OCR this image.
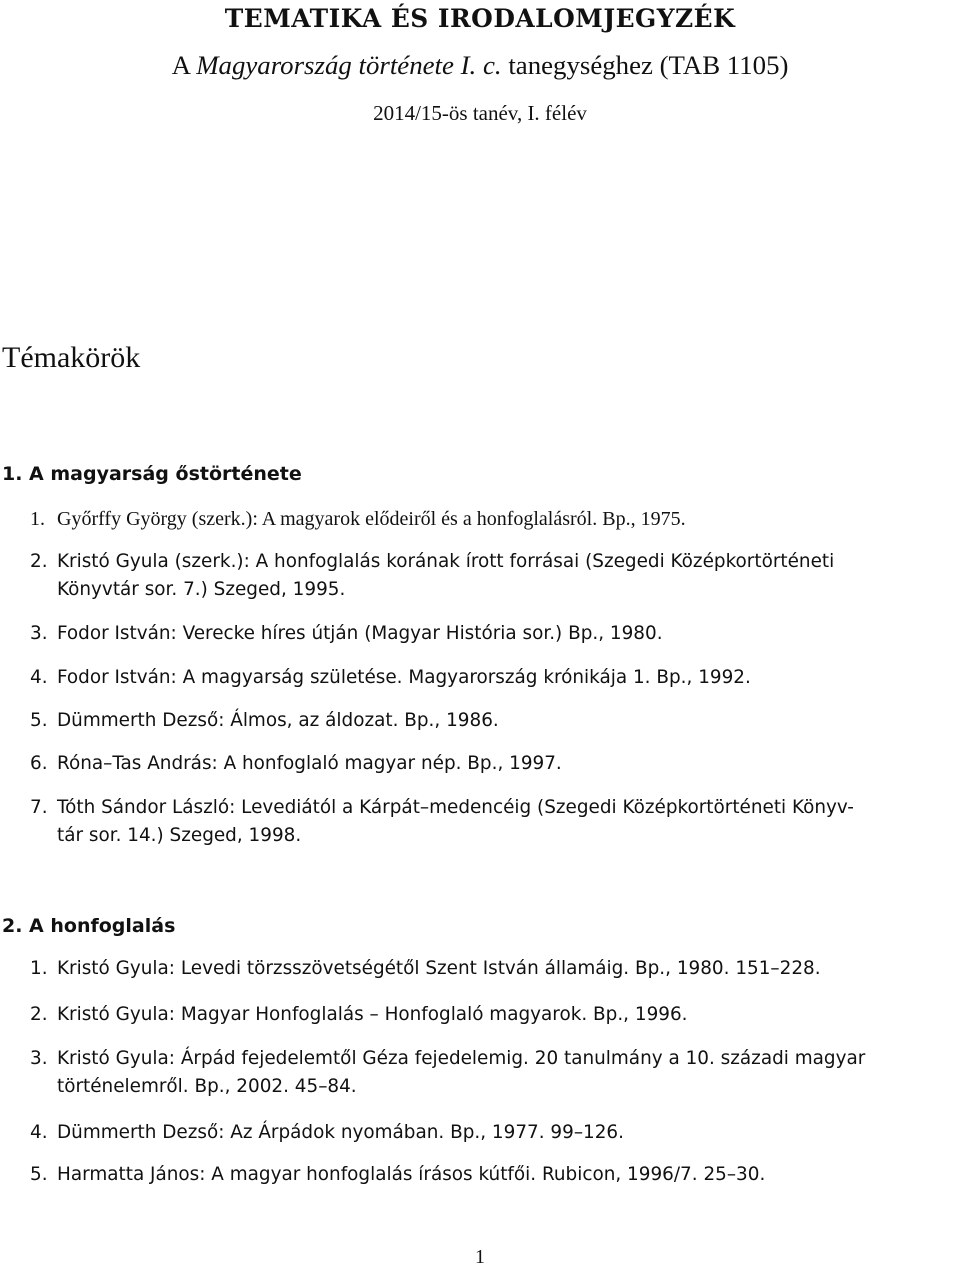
TEMATIKA ÉS IRODALOMJEGYZÉK
A Magyarország története I. c. tanegységhez (TAB 1105)
2014/15-ös tanév, I. félév
Témakörök
1. A magyarság őstörténete
1. Győrffy György (szerk.): A magyarok elődeiről és a honfoglalásról. Bp., 1975.
2. Kristó Gyula (szerk.): A honfoglalás korának írott forrásai (Szegedi Középkortörténeti
Könyvtár sor. 7.) Szeged, 1995.
3. Fodor István: Verecke híres útján (Magyar História sor.) Bp., 1980.
4. Fodor István: A magyarság születése. Magyarország krónikája 1. Bp., 1992.
5. Dümmerth Dezső: Álmos, az áldozat. Bp., 1986.
6. Róna–Tas András: A honfoglaló magyar nép. Bp., 1997.
7. Tóth Sándor László: Levediától a Kárpát–medencéig (Szegedi Középkortörténeti Könyv-
tár sor. 14.) Szeged, 1998.
2. A honfoglalás
1. Kristó Gyula: Levedi törzsszövetségétől Szent István államáig. Bp., 1980. 151–228.
2. Kristó Gyula: Magyar Honfoglalás – Honfoglaló magyarok. Bp., 1996.
3. Kristó Gyula: Árpád fejedelemtől Géza fejedelemig. 20 tanulmány a 10. századi magyar
történelemről. Bp., 2002. 45–84.
4. Dümmerth Dezső: Az Árpádok nyomában. Bp., 1977. 99–126.
5. Harmatta János: A magyar honfoglalás írásos kútfői. Rubicon, 1996/7. 25–30.
1
